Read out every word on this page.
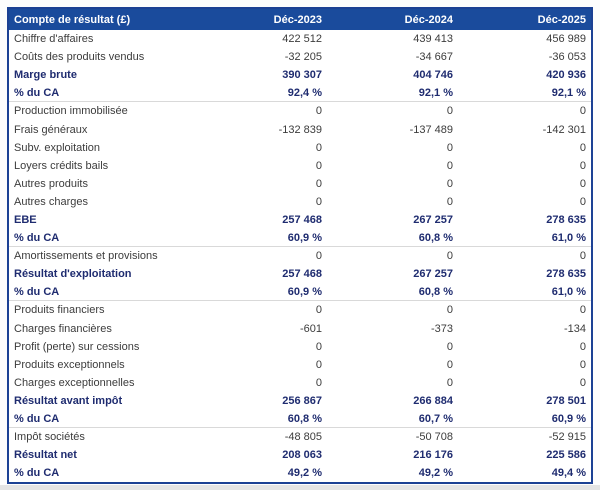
Compte de résultat (£)	Déc-2023	Déc-2024	Déc-2025
Chiffre d'affaires	422 512	439 413	456 989
Coûts des produits vendus	-32 205	-34 667	-36 053
Marge brute	390 307	404 746	420 936
% du CA	92,4 %	92,1 %	92,1 %
Production immobilisée	0	0	0
Frais généraux	-132 839	-137 489	-142 301
Subv. exploitation	0	0	0
Loyers crédits bails	0	0	0
Autres produits	0	0	0
Autres charges	0	0	0
EBE	257 468	267 257	278 635
% du CA	60,9 %	60,8 %	61,0 %
Amortissements et provisions	0	0	0
Résultat d'exploitation	257 468	267 257	278 635
% du CA	60,9 %	60,8 %	61,0 %
Produits financiers	0	0	0
Charges financières	-601	-373	-134
Profit (perte) sur cessions	0	0	0
Produits exceptionnels	0	0	0
Charges exceptionnelles	0	0	0
Résultat avant impôt	256 867	266 884	278 501
% du CA	60,8 %	60,7 %	60,9 %
Impôt sociétés	-48 805	-50 708	-52 915
Résultat net	208 063	216 176	225 586
% du CA	49,2 %	49,2 %	49,4 %
